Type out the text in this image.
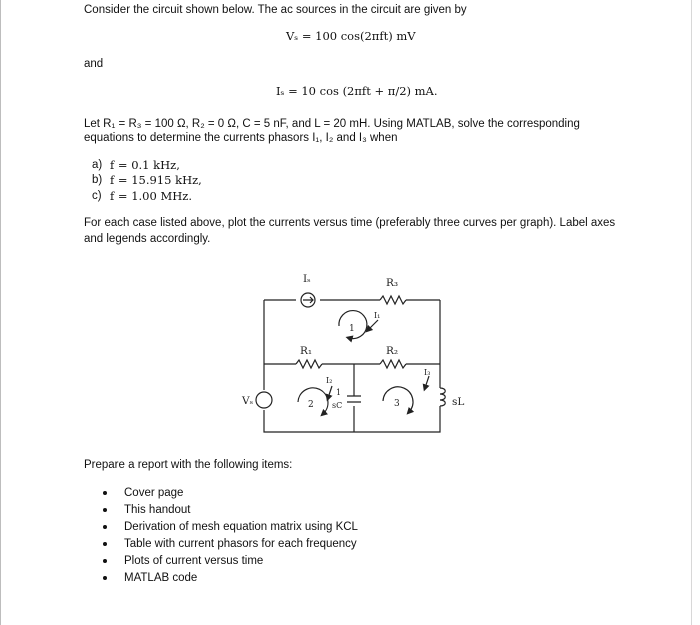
Consider the circuit shown below. The ac sources in the circuit are given by
Vₛ = 100 cos(2πft) mV
and
Iₛ = 10 cos (2πft + π/2) mA.
Let R₁ = R₃ = 100 Ω, R₂ = 0 Ω, C = 5 nF, and L = 20 mH. Using MATLAB, solve the corresponding
equations to determine the currents phasors I₁, I₂ and I₃ when
a) f = 0.1 kHz,
b) f = 15.915 kHz,
c) f = 1.00 MHz.
For each case listed above, plot the currents versus time (preferably three curves per graph). Label axes
and legends accordingly.
Iₛ	R₃
R₁	R₂
Vₛ	sL
1
sC
I₁
I₂
I₃
1
2	3
Prepare a report with the following items:
Cover page
This handout
Derivation of mesh equation matrix using KCL
Table with current phasors for each frequency
Plots of current versus time
MATLAB code
